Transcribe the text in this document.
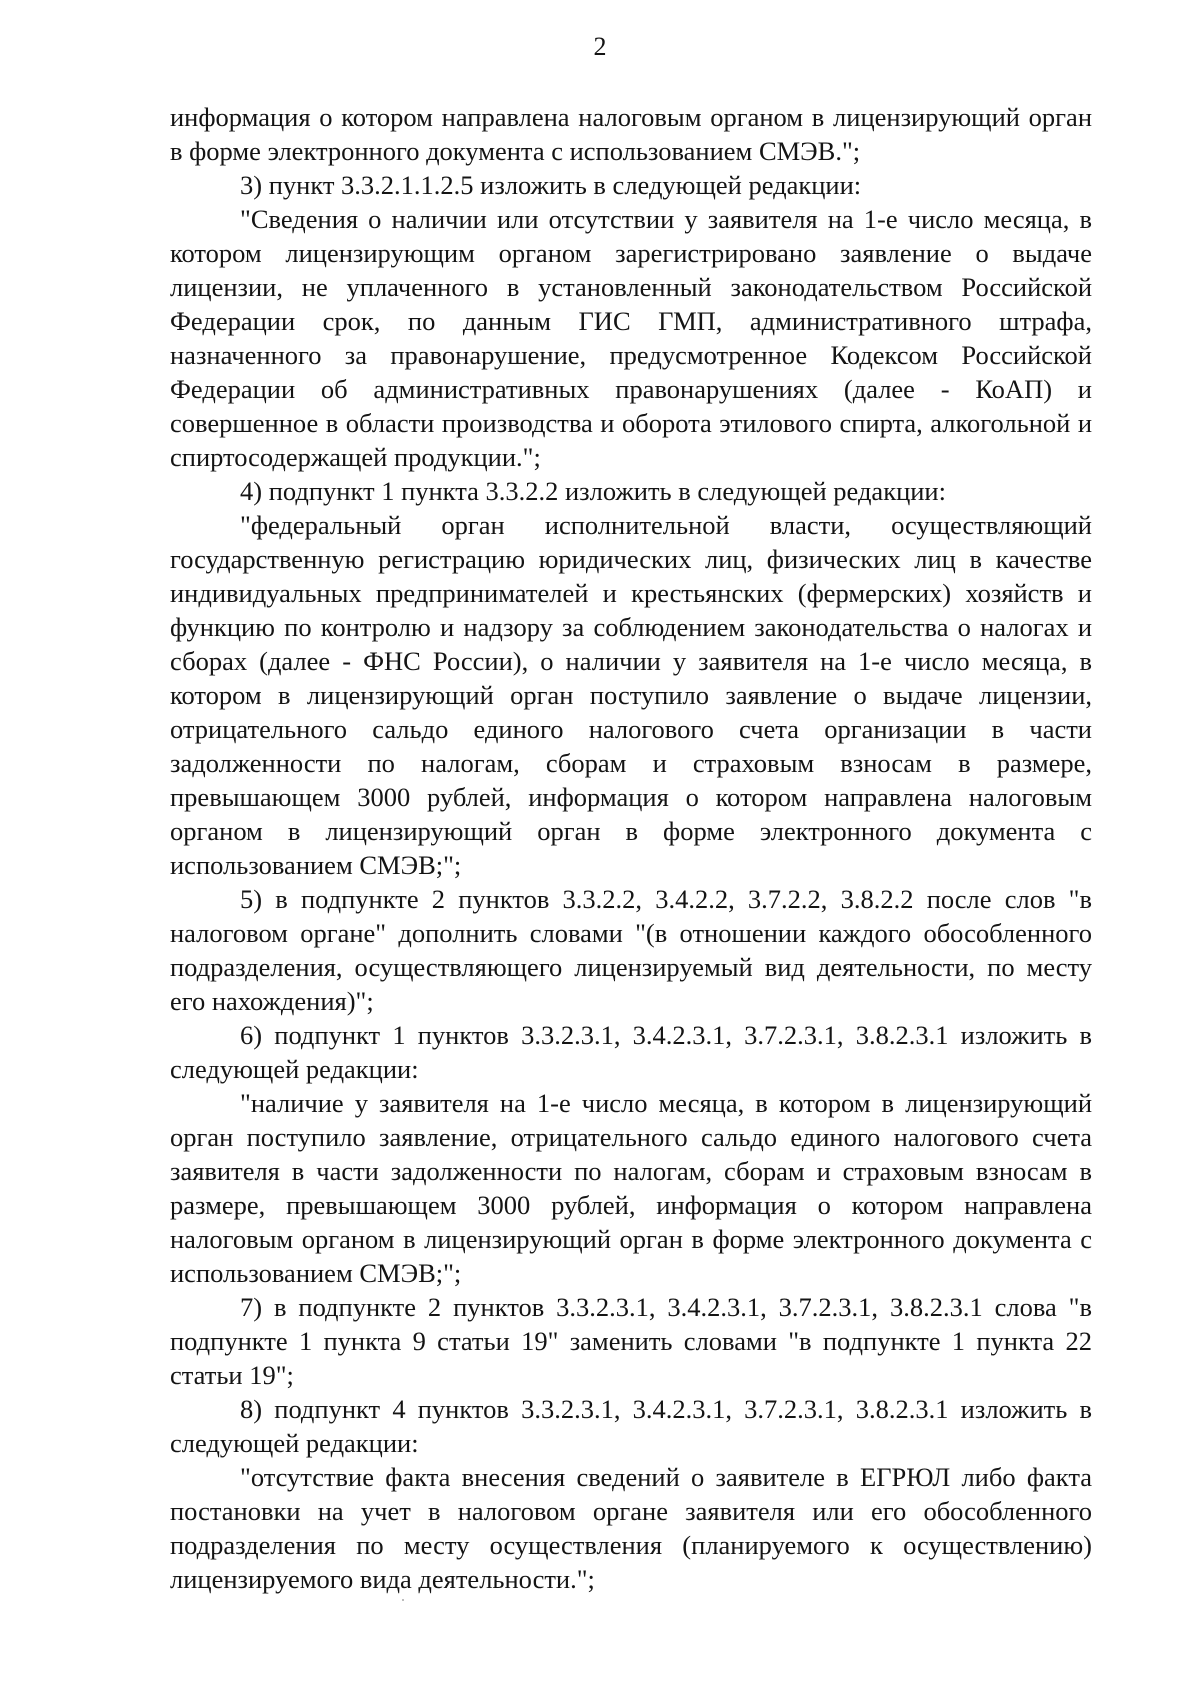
2

информация о котором направлена налоговым органом в лицензирующий орган в форме электронного документа с использованием СМЭВ.";

3) пункт 3.3.2.1.1.2.5 изложить в следующей редакции:

"Сведения о наличии или отсутствии у заявителя на 1-е число месяца, в котором лицензирующим органом зарегистрировано заявление о выдаче лицензии, не уплаченного в установленный законодательством Российской Федерации срок, по данным ГИС ГМП, административного штрафа, назначенного за правонарушение, предусмотренное Кодексом Российской Федерации об административных правонарушениях (далее - КоАП) и совершенное в области производства и оборота этилового спирта, алкогольной и спиртосодержащей продукции.";

4) подпункт 1 пункта 3.3.2.2 изложить в следующей редакции:

"федеральный орган исполнительной власти, осуществляющий государственную регистрацию юридических лиц, физических лиц в качестве индивидуальных предпринимателей и крестьянских (фермерских) хозяйств и функцию по контролю и надзору за соблюдением законодательства о налогах и сборах (далее - ФНС России), о наличии у заявителя на 1-е число месяца, в котором в лицензирующий орган поступило заявление о выдаче лицензии, отрицательного сальдо единого налогового счета организации в части задолженности по налогам, сборам и страховым взносам в размере, превышающем 3000 рублей, информация о котором направлена налоговым органом в лицензирующий орган в форме электронного документа с использованием СМЭВ;";

5) в подпункте 2 пунктов 3.3.2.2, 3.4.2.2, 3.7.2.2, 3.8.2.2 после слов "в налоговом органе" дополнить словами "(в отношении каждого обособленного подразделения, осуществляющего лицензируемый вид деятельности, по месту его нахождения)";

6) подпункт 1 пунктов 3.3.2.3.1, 3.4.2.3.1, 3.7.2.3.1, 3.8.2.3.1 изложить в следующей редакции:

"наличие у заявителя на 1-е число месяца, в котором в лицензирующий орган поступило заявление, отрицательного сальдо единого налогового счета заявителя в части задолженности по налогам, сборам и страховым взносам в размере, превышающем 3000 рублей, информация о котором направлена налоговым органом в лицензирующий орган в форме электронного документа с использованием СМЭВ;";

7) в подпункте 2 пунктов 3.3.2.3.1, 3.4.2.3.1, 3.7.2.3.1, 3.8.2.3.1 слова "в подпункте 1 пункта 9 статьи 19" заменить словами "в подпункте 1 пункта 22 статьи 19";

8) подпункт 4 пунктов 3.3.2.3.1, 3.4.2.3.1, 3.7.2.3.1, 3.8.2.3.1 изложить в следующей редакции:

"отсутствие факта внесения сведений о заявителе в ЕГРЮЛ либо факта постановки на учет в налоговом органе заявителя или его обособленного подразделения по месту осуществления (планируемого к осуществлению) лицензируемого вида деятельности.";
